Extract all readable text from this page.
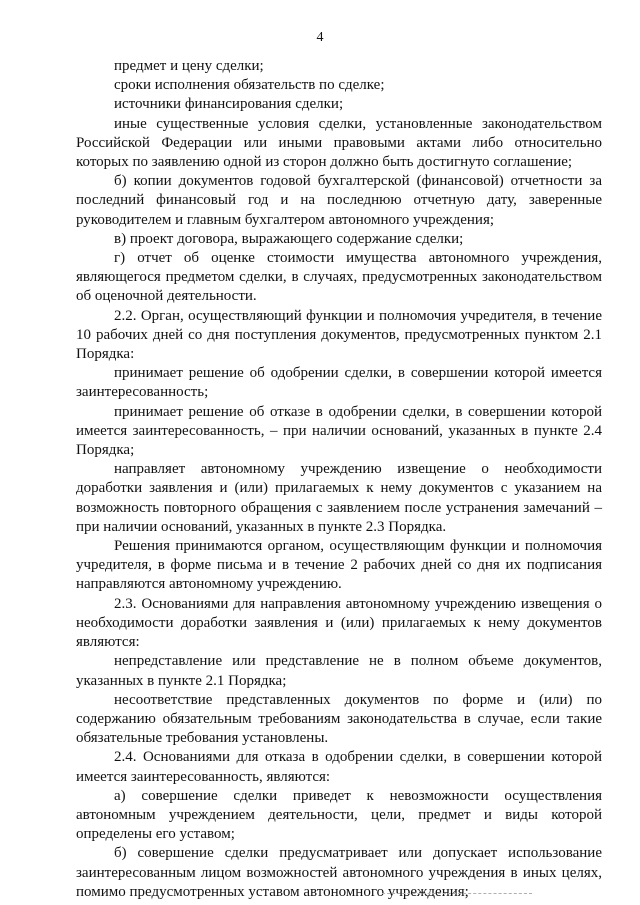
4

предмет и цену сделки;

сроки исполнения обязательств по сделке;

источники финансирования сделки;

иные существенные условия сделки, установленные законодательством Российской Федерации или иными правовыми актами либо относительно которых по заявлению одной из сторон должно быть достигнуто соглашение;

б) копии документов годовой бухгалтерской (финансовой) отчетности за последний финансовый год и на последнюю отчетную дату, заверенные руководителем и главным бухгалтером автономного учреждения;

в) проект договора, выражающего содержание сделки;

г) отчет об оценке стоимости имущества автономного учреждения, являющегося предметом сделки, в случаях, предусмотренных законодательством об оценочной деятельности.

2.2. Орган, осуществляющий функции и полномочия учредителя, в течение 10 рабочих дней со дня поступления документов, предусмотренных пунктом 2.1 Порядка:

принимает решение об одобрении сделки, в совершении которой имеется заинтересованность;

принимает решение об отказе в одобрении сделки, в совершении которой имеется заинтересованность, – при наличии оснований, указанных в пункте 2.4 Порядка;

направляет автономному учреждению извещение о необходимости доработки заявления и (или) прилагаемых к нему документов с указанием на возможность повторного обращения с заявлением после устранения замечаний – при наличии оснований, указанных в пункте 2.3 Порядка.

Решения принимаются органом, осуществляющим функции и полномочия учредителя, в форме письма и в течение 2 рабочих дней со дня их подписания направляются автономному учреждению.

2.3. Основаниями для направления автономному учреждению извещения о необходимости доработки заявления и (или) прилагаемых к нему документов являются:

непредставление или представление не в полном объеме документов, указанных в пункте 2.1 Порядка;

несоответствие представленных документов по форме и (или) по содержанию обязательным требованиям законодательства в случае, если такие обязательные требования установлены.

2.4. Основаниями для отказа в одобрении сделки, в совершении которой имеется заинтересованность, являются:

а) совершение сделки приведет к невозможности осуществления автономным учреждением деятельности, цели, предмет и виды которой определены его уставом;

б) совершение сделки предусматривает или допускает использование заинтересованным лицом возможностей автономного учреждения в иных целях, помимо предусмотренных уставом автономного учреждения;
